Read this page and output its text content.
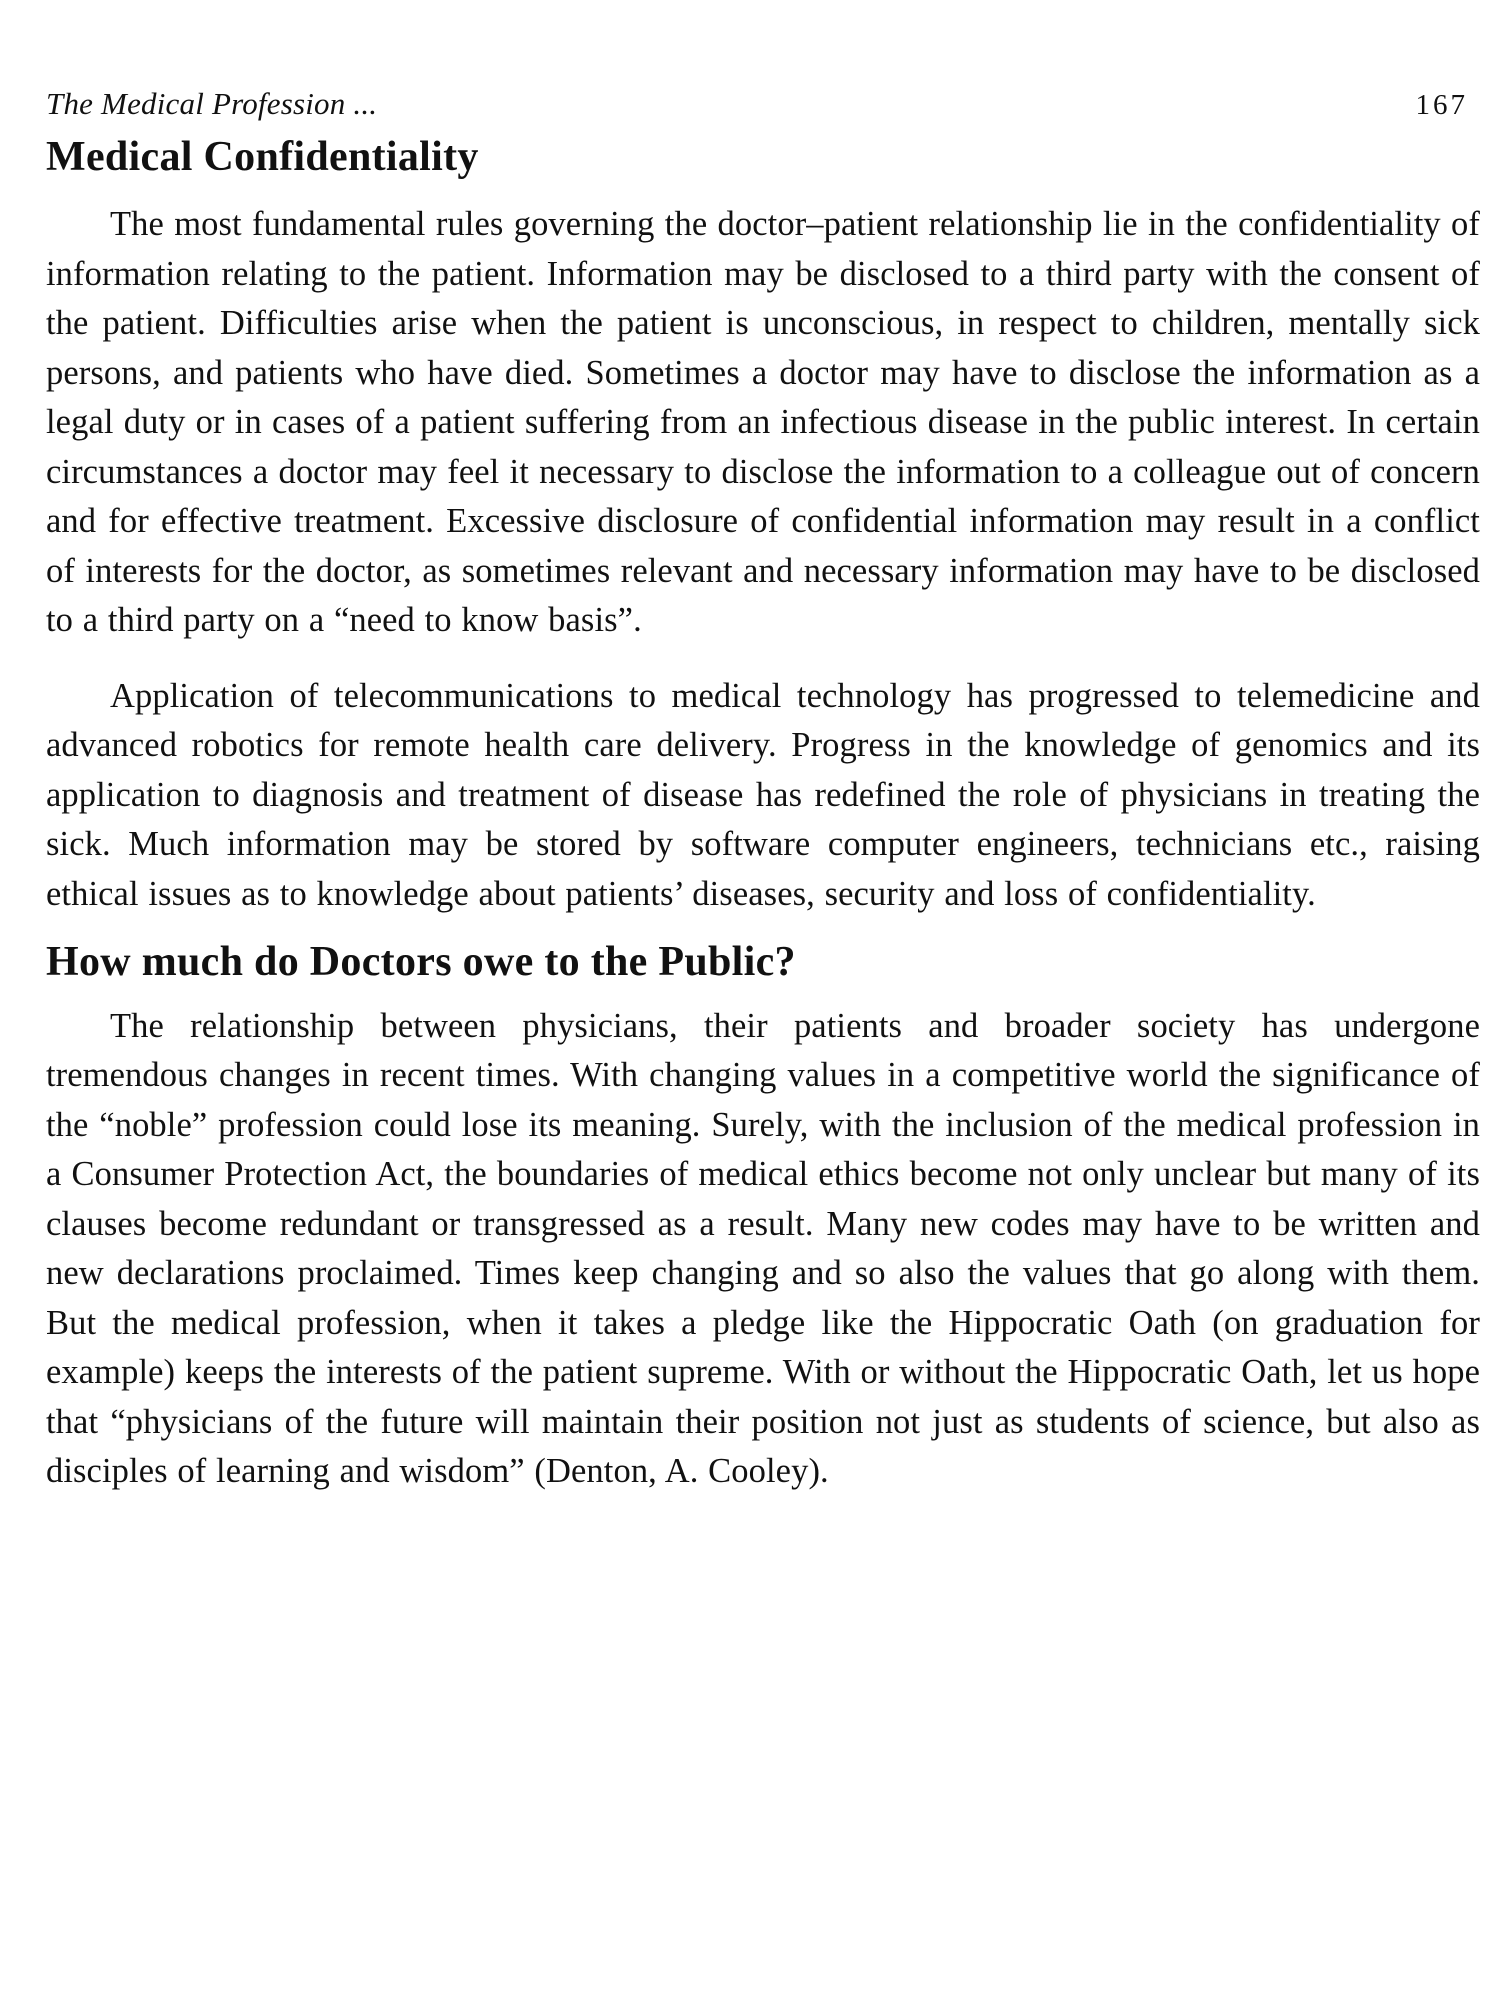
The Medical Profession ...	167
Medical Confidentiality

The most fundamental rules governing the doctor–patient relationship lie in the confidentiality of information relating to the patient. Information may be disclosed to a third party with the consent of the patient. Difficulties arise when the patient is unconscious, in respect to children, mentally sick persons, and patients who have died. Sometimes a doctor may have to disclose the information as a legal duty or in cases of a patient suffering from an infectious disease in the public interest. In certain circumstances a doctor may feel it necessary to disclose the information to a colleague out of concern and for effective treatment. Excessive disclosure of confidential information may result in a conflict of interests for the doctor, as sometimes relevant and necessary information may have to be disclosed to a third party on a “need to know basis”.

Application of telecommunications to medical technology has progressed to telemedicine and advanced robotics for remote health care delivery. Progress in the knowledge of genomics and its application to diagnosis and treatment of disease has redefined the role of physicians in treating the sick. Much information may be stored by software computer engineers, technicians etc., raising ethical issues as to knowledge about patients’ diseases, security and loss of confidentiality.

How much do Doctors owe to the Public?

The relationship between physicians, their patients and broader society has undergone tremendous changes in recent times. With changing values in a competitive world the significance of the “noble” profession could lose its meaning. Surely, with the inclusion of the medical profession in a Consumer Protection Act, the boundaries of medical ethics become not only unclear but many of its clauses become redundant or transgressed as a result. Many new codes may have to be written and new declarations proclaimed. Times keep changing and so also the values that go along with them. But the medical profession, when it takes a pledge like the Hippocratic Oath (on graduation for example) keeps the interests of the patient supreme. With or without the Hippocratic Oath, let us hope that “physicians of the future will maintain their position not just as students of science, but also as disciples of learning and wisdom” (Denton, A. Cooley).
